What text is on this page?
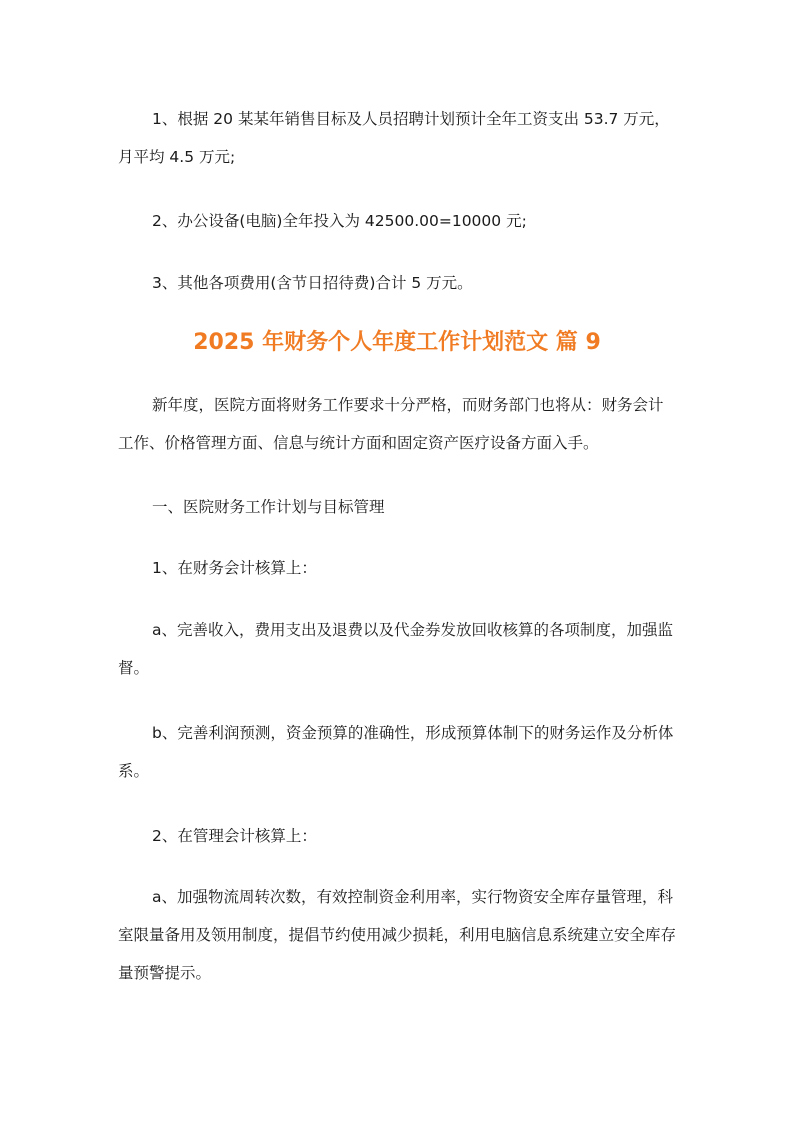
1、根据 20 某某年销售目标及人员招聘计划预计全年工资支出 53.7 万元，月平均 4.5 万元;

2、办公设备(电脑)全年投入为 42500.00=10000 元;

3、其他各项费用(含节日招待费)合计 5 万元。

2025 年财务个人年度工作计划范文 篇 9

新年度，医院方面将财务工作要求十分严格，而财务部门也将从：财务会计工作、价格管理方面、信息与统计方面和固定资产医疗设备方面入手。

一、医院财务工作计划与目标管理

1、在财务会计核算上：

a、完善收入，费用支出及退费以及代金券发放回收核算的各项制度，加强监督。

b、完善利润预测，资金预算的准确性，形成预算体制下的财务运作及分析体系。

2、在管理会计核算上：

a、加强物流周转次数，有效控制资金利用率，实行物资安全库存量管理，科室限量备用及领用制度，提倡节约使用减少损耗，利用电脑信息系统建立安全库存量预警提示。
